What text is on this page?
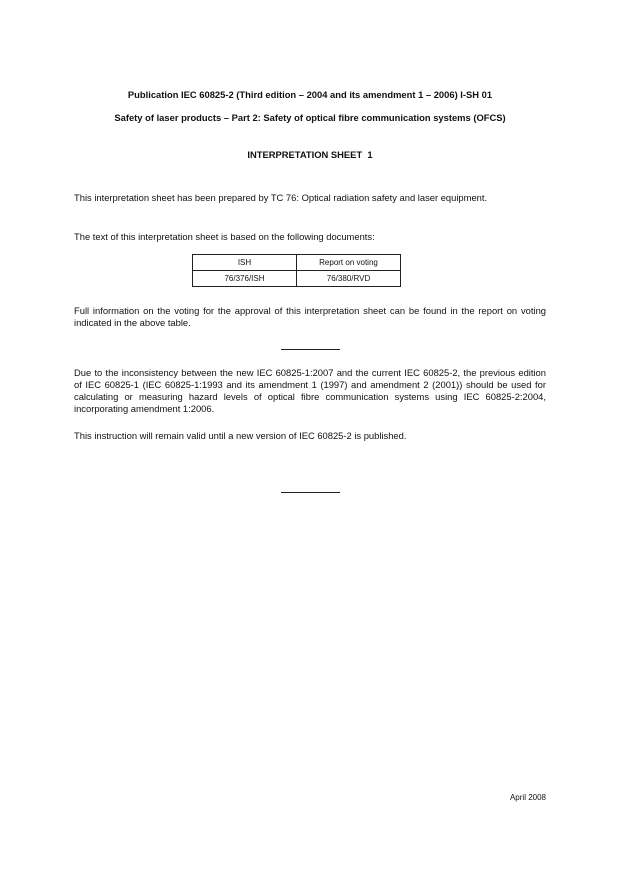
Publication IEC 60825-2 (Third edition – 2004 and its amendment 1 – 2006) I-SH 01
Safety of laser products – Part 2: Safety of optical fibre communication systems (OFCS)
INTERPRETATION SHEET  1

This interpretation sheet has been prepared by TC 76: Optical radiation safety and laser equipment.

The text of this interpretation sheet is based on the following documents:

ISH	Report on voting
76/376/ISH	76/380/RVD

Full information on the voting for the approval of this interpretation sheet can be found in the report on voting indicated in the above table.

Due to the inconsistency between the new IEC 60825-1:2007 and the current IEC 60825-2, the previous edition of IEC 60825-1 (IEC 60825-1:1993 and its amendment 1 (1997) and amendment 2 (2001)) should be used for calculating or measuring hazard levels of optical fibre communication systems using IEC 60825-2:2004, incorporating amendment 1:2006.

This instruction will remain valid until a new version of IEC 60825-2 is published.

April 2008
